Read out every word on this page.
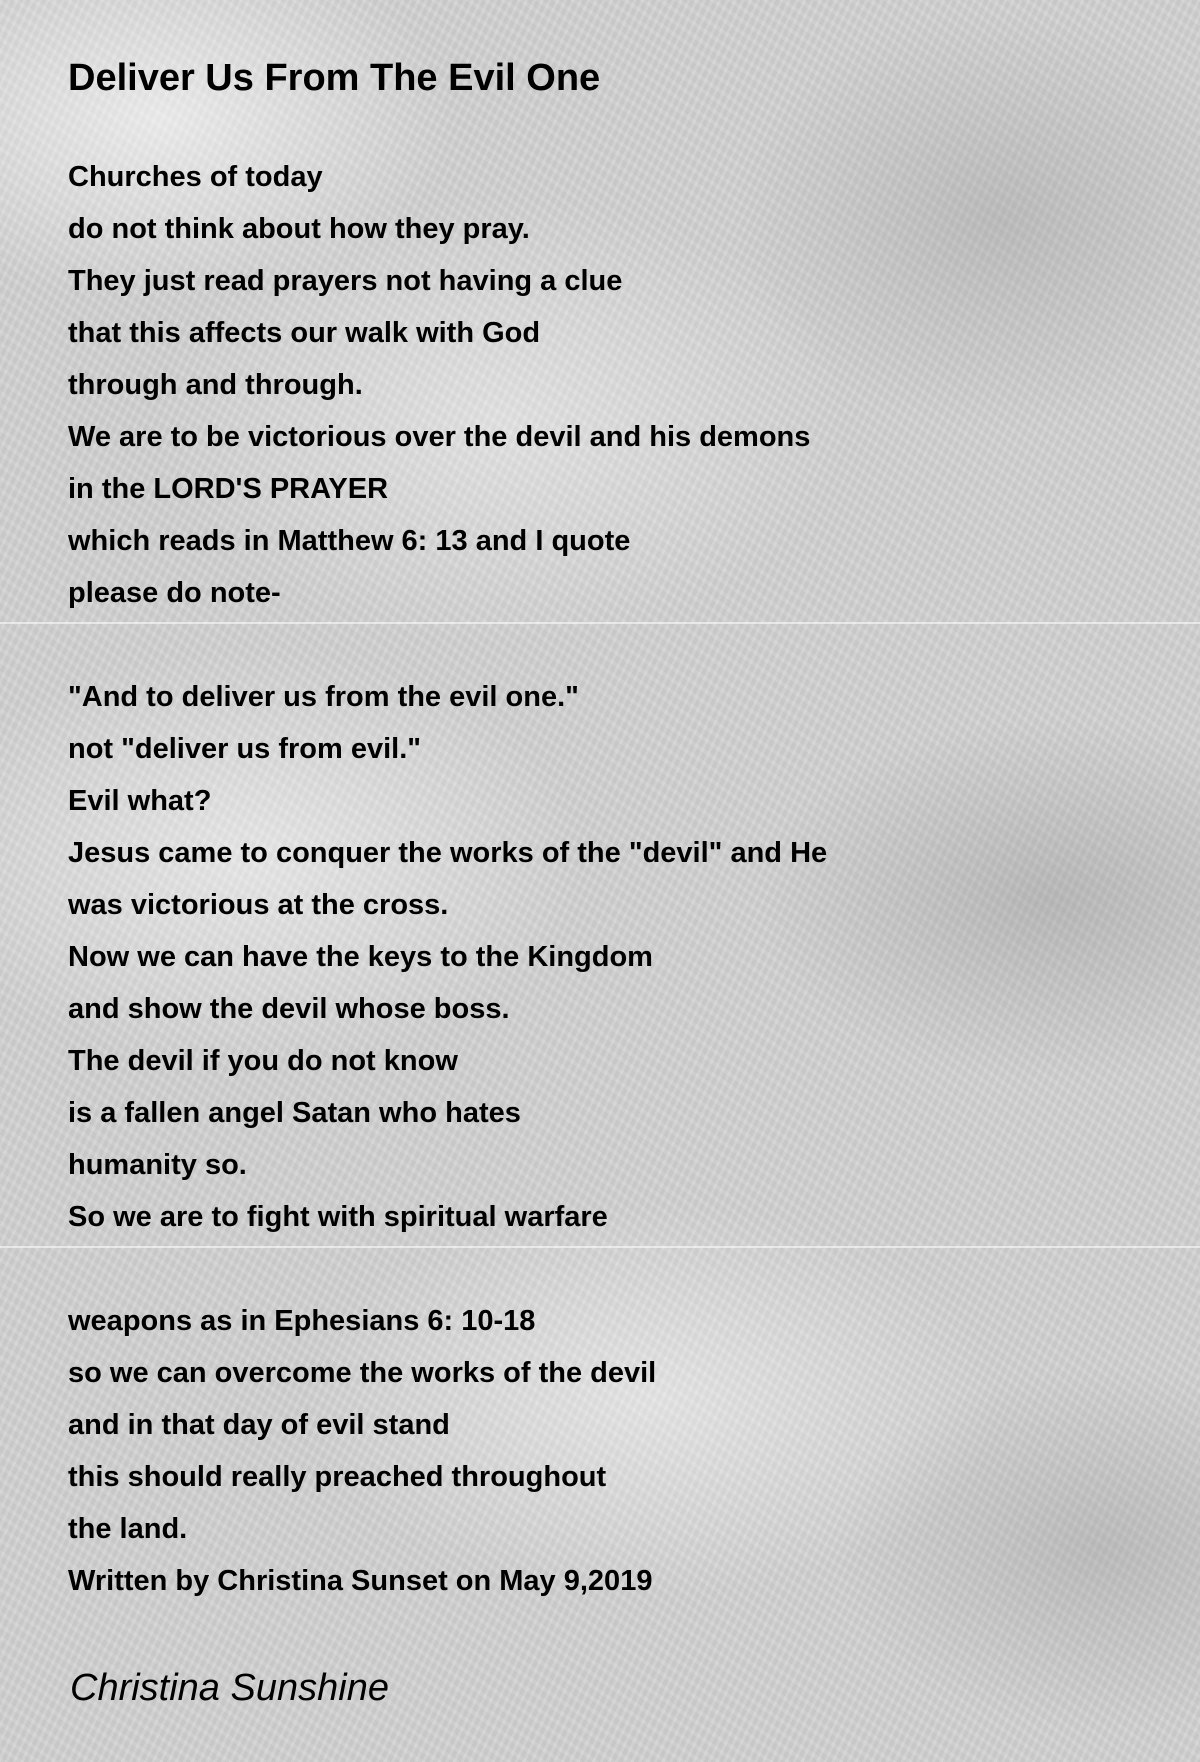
Deliver Us From The Evil One
Churches of today
do not think about how they pray.
They just read prayers not having a clue
that this affects our walk with God
through and through.
We are to be victorious over the devil and his demons
in the LORD'S PRAYER
which reads in Matthew 6: 13 and I quote
please do note-
"And to deliver us from the evil one."
not "deliver us from evil."
Evil what?
Jesus came to conquer the works of the "devil" and He
was victorious at the cross.
Now we can have the keys to the Kingdom
and show the devil whose boss.
The devil if you do not know
is a fallen angel Satan who hates
humanity so.
So we are to fight with spiritual warfare
weapons as in Ephesians 6: 10-18
so we can overcome the works of the devil
and in that day of evil stand
this should really preached throughout
the land.
Written by Christina Sunset on May 9,2019
Christina Sunshine
